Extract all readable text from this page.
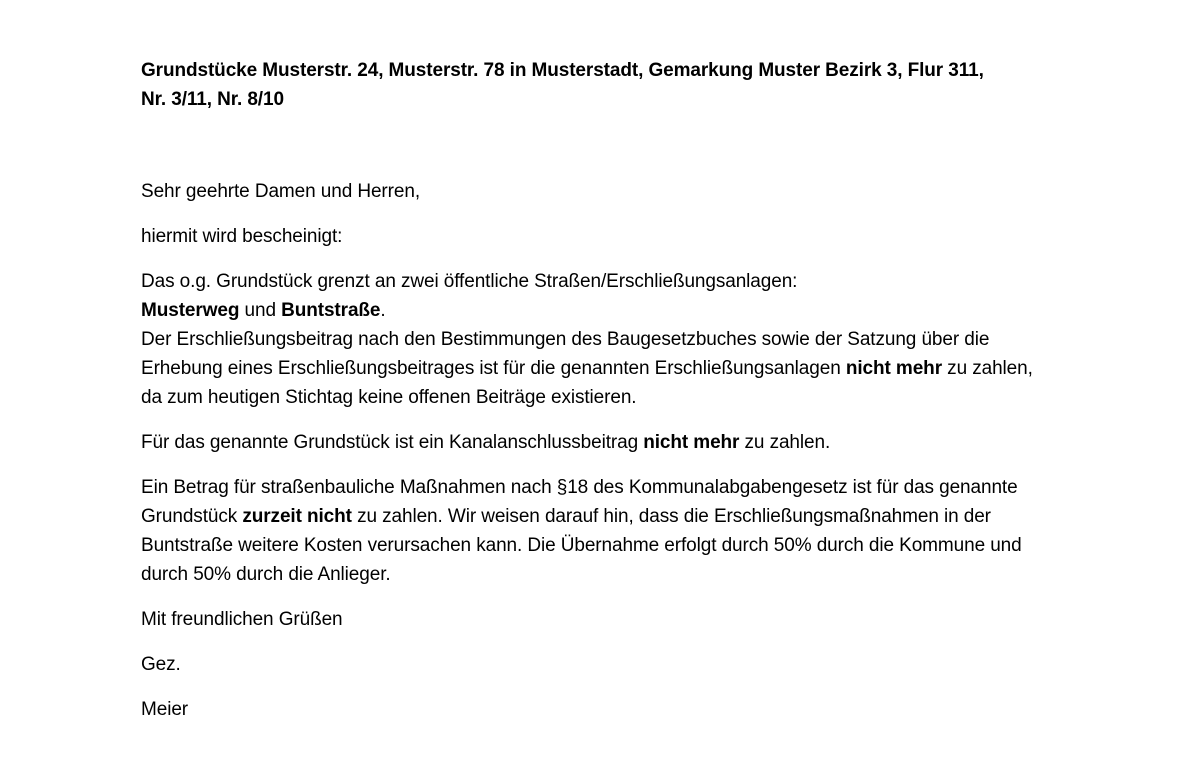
Grundstücke Musterstr. 24, Musterstr. 78 in Musterstadt, Gemarkung Muster Bezirk 3, Flur 311,
Nr. 3/11, Nr. 8/10

Sehr geehrte Damen und Herren,

hiermit wird bescheinigt:

Das o.g. Grundstück grenzt an zwei öffentliche Straßen/Erschließungsanlagen:
Musterweg und Buntstraße.
Der Erschließungsbeitrag nach den Bestimmungen des Baugesetzbuches sowie der Satzung über die Erhebung eines Erschließungsbeitrages ist für die genannten Erschließungsanlagen nicht mehr zu zahlen, da zum heutigen Stichtag keine offenen Beiträge existieren.

Für das genannte Grundstück ist ein Kanalanschlussbeitrag nicht mehr zu zahlen.

Ein Betrag für straßenbauliche Maßnahmen nach §18 des Kommunalabgabengesetz ist für das genannte Grundstück zurzeit nicht zu zahlen. Wir weisen darauf hin, dass die Erschließungsmaßnahmen in der Buntstraße weitere Kosten verursachen kann. Die Übernahme erfolgt durch 50% durch die Kommune und durch 50% durch die Anlieger.

Mit freundlichen Grüßen

Gez.

Meier
